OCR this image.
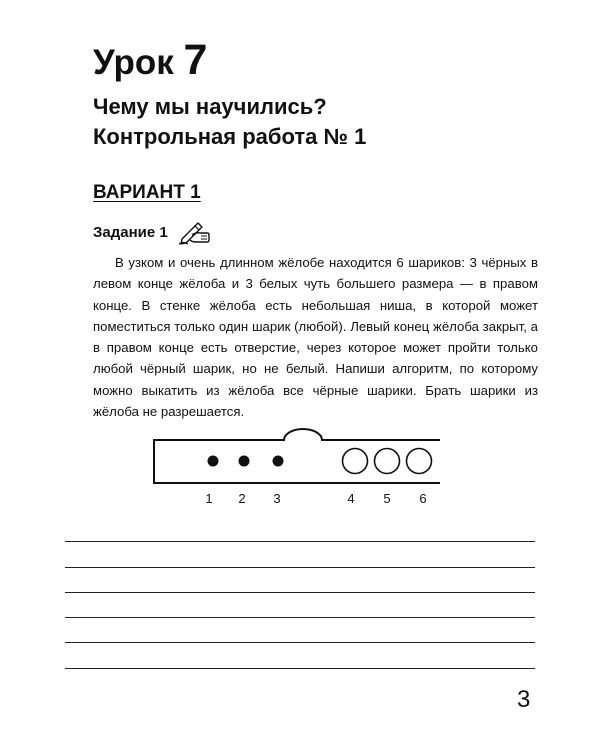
Урок 7
Чему мы научились?
Контрольная работа № 1
ВАРИАНТ 1
Задание 1

В узком и очень длинном жёлобе находится 6 шариков: 3 чёрных в левом конце жёлоба и 3 белых чуть большего размера — в правом конце. В стенке жёлоба есть небольшая ниша, в которой может поместиться только один шарик (любой). Левый конец жёлоба закрыт, а в правом конце есть отверстие, через которое может пройти только любой чёрный шарик, но не белый. Напиши алгоритм, по которому можно выкатить из жёлоба все чёрные шарики. Брать шарики из жёлоба не разрешается.

1 2 3	4 5 6
3
